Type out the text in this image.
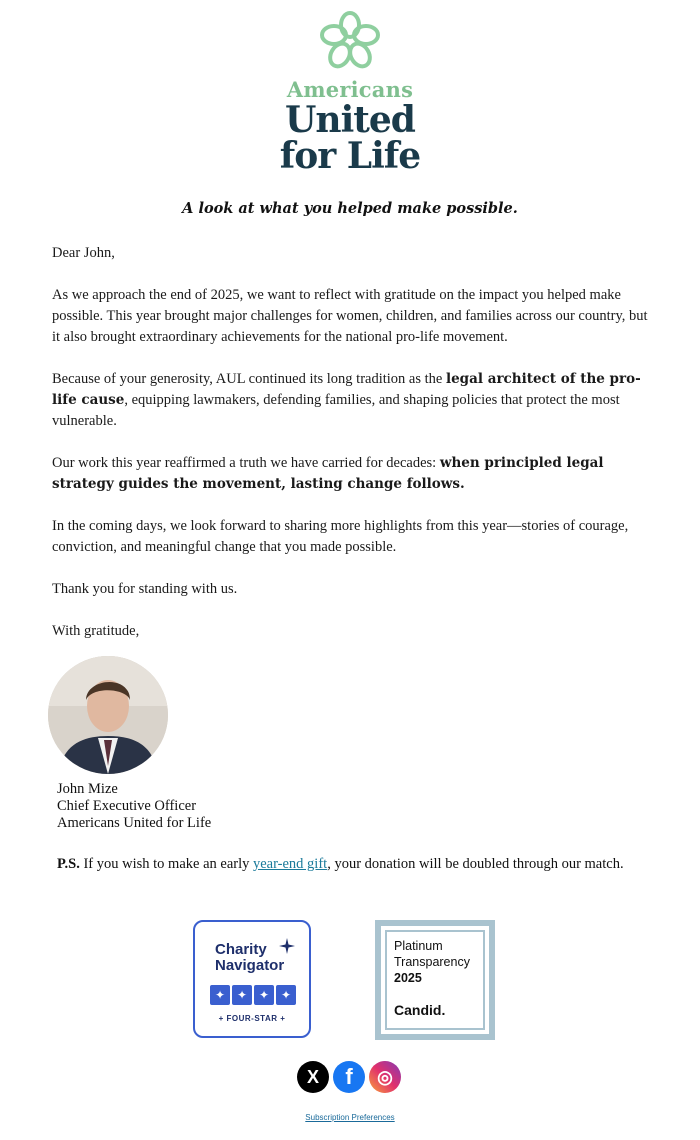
Americans
United
for Life
A look at what you helped make possible.

Dear John,

As we approach the end of 2025, we want to reflect with gratitude on the impact you helped make possible. This year brought major challenges for women, children, and families across our country, but it also brought extraordinary achievements for the national pro-life movement.

Because of your generosity, AUL continued its long tradition as the legal architect of the pro-life cause, equipping lawmakers, defending families, and shaping policies that protect the most vulnerable.

Our work this year reaffirmed a truth we have carried for decades: when principled legal strategy guides the movement, lasting change follows.

In the coming days, we look forward to sharing more highlights from this year—stories of courage, conviction, and meaningful change that you made possible.

Thank you for standing with us.

With gratitude,

John Mize
Chief Executive Officer
Americans United for Life
P.S. If you wish to make an early year-end gift, your donation will be doubled through our match.
Charity
Navigator
✦ ✦ ✦ ✦
+ FOUR-STAR +
Platinum
Transparency
2025
Candid.
X	f	◎
Subscription Preferences
